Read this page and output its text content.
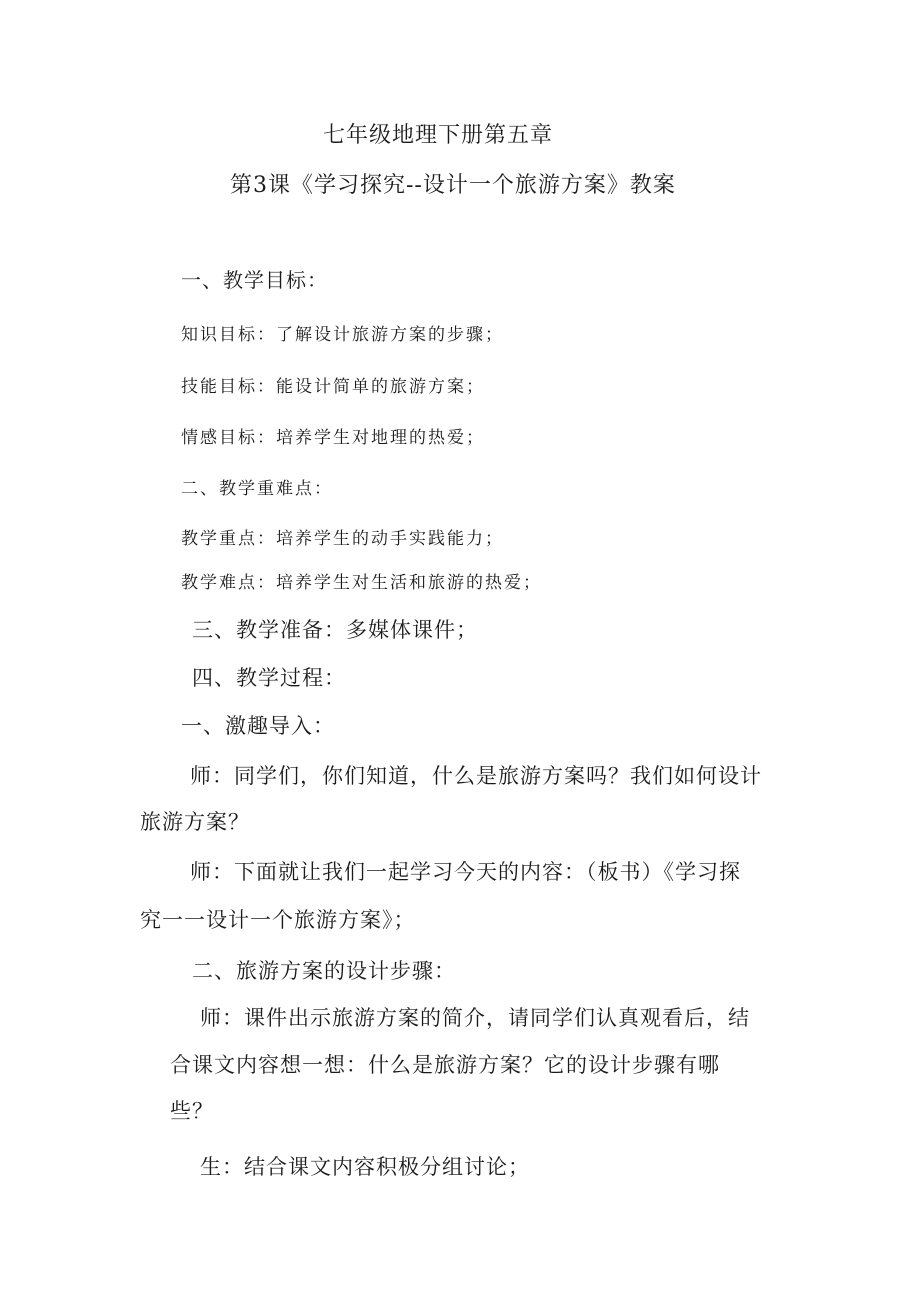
七年级地理下册第五章

第3课《学习探究--设计一个旅游方案》教案

一、教学目标：

知识目标：了解设计旅游方案的步骤；

技能目标：能设计简单的旅游方案；

情感目标：培养学生对地理的热爱；

二、教学重难点：

教学重点：培养学生的动手实践能力；

教学难点：培养学生对生活和旅游的热爱；

三、教学准备：多媒体课件；

四、教学过程：

一、激趣导入：

师：同学们，你们知道，什么是旅游方案吗？我们如何设计

旅游方案？

师：下面就让我们一起学习今天的内容：（板书）《学习探

究一一设计一个旅游方案》；

二、旅游方案的设计步骤：

师：课件出示旅游方案的简介，请同学们认真观看后，结

合课文内容想一想：什么是旅游方案？它的设计步骤有哪

些？

生：结合课文内容积极分组讨论；
